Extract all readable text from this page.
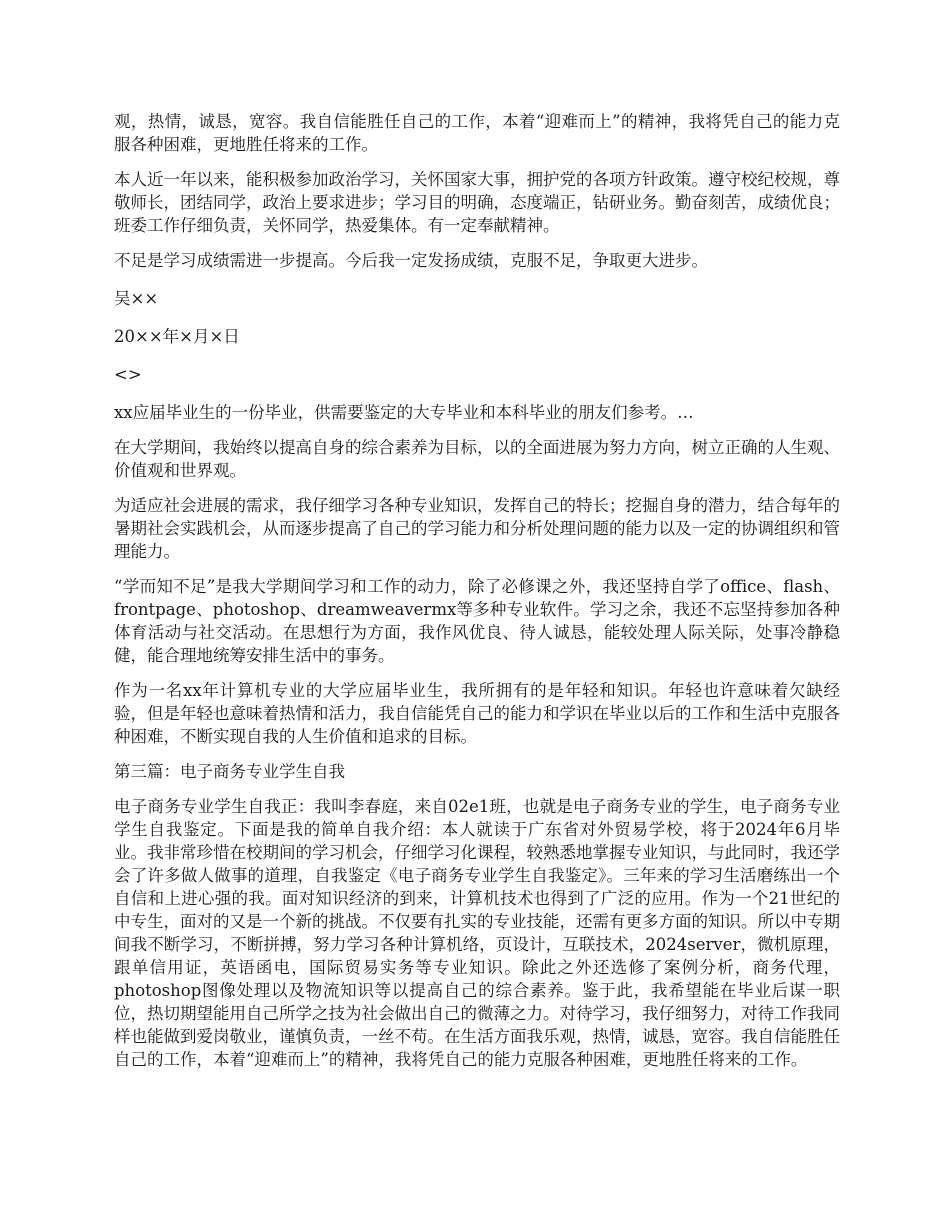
观，热情，诚恳，宽容。我自信能胜任自己的工作，本着“迎难而上”的精神，我将凭自己的能力克服各种困难，更地胜任将来的工作。

本人近一年以来，能积极参加政治学习，关怀国家大事，拥护党的各项方针政策。遵守校纪校规，尊敬师长，团结同学，政治上要求进步；学习目的明确，态度端正，钻研业务。勤奋刻苦，成绩优良；班委工作仔细负责，关怀同学，热爱集体。有一定奉献精神。

不足是学习成绩需进一步提高。今后我一定发扬成绩，克服不足，争取更大进步。

吴××

20××年×月×日

<>

xx应届毕业生的一份毕业，供需要鉴定的大专毕业和本科毕业的朋友们参考。…

在大学期间，我始终以提高自身的综合素养为目标，以的全面进展为努力方向，树立正确的人生观、价值观和世界观。

为适应社会进展的需求，我仔细学习各种专业知识，发挥自己的特长；挖掘自身的潜力，结合每年的暑期社会实践机会，从而逐步提高了自己的学习能力和分析处理问题的能力以及一定的协调组织和管理能力。

“学而知不足”是我大学期间学习和工作的动力，除了必修课之外，我还坚持自学了office、flash、frontpage、photoshop、dreamweavermx等多种专业软件。学习之余，我还不忘坚持参加各种体育活动与社交活动。在思想行为方面，我作风优良、待人诚恳，能较处理人际关际，处事冷静稳健，能合理地统筹安排生活中的事务。

作为一名xx年计算机专业的大学应届毕业生，我所拥有的是年轻和知识。年轻也许意味着欠缺经验，但是年轻也意味着热情和活力，我自信能凭自己的能力和学识在毕业以后的工作和生活中克服各种困难，不断实现自我的人生价值和追求的目标。

第三篇：电子商务专业学生自我

电子商务专业学生自我正：我叫李春庭，来自02e1班，也就是电子商务专业的学生，电子商务专业学生自我鉴定。下面是我的简单自我介绍：本人就读于广东省对外贸易学校，将于2024年6月毕业。我非常珍惜在校期间的学习机会，仔细学习化课程，较熟悉地掌握专业知识，与此同时，我还学会了许多做人做事的道理，自我鉴定《电子商务专业学生自我鉴定》。三年来的学习生活磨练出一个自信和上进心强的我。面对知识经济的到来，计算机技术也得到了广泛的应用。作为一个21世纪的中专生，面对的又是一个新的挑战。不仅要有扎实的专业技能，还需有更多方面的知识。所以中专期间我不断学习，不断拼搏，努力学习各种计算机络，页设计，互联技术，2024server，微机原理，跟单信用证，英语函电，国际贸易实务等专业知识。除此之外还选修了案例分析，商务代理，photoshop图像处理以及物流知识等以提高自己的综合素养。鉴于此，我希望能在毕业后谋一职位，热切期望能用自己所学之技为社会做出自己的微薄之力。对待学习，我仔细努力，对待工作我同样也能做到爱岗敬业，谨慎负责，一丝不苟。在生活方面我乐观，热情，诚恳，宽容。我自信能胜任自己的工作，本着“迎难而上”的精神，我将凭自己的能力克服各种困难，更地胜任将来的工作。
